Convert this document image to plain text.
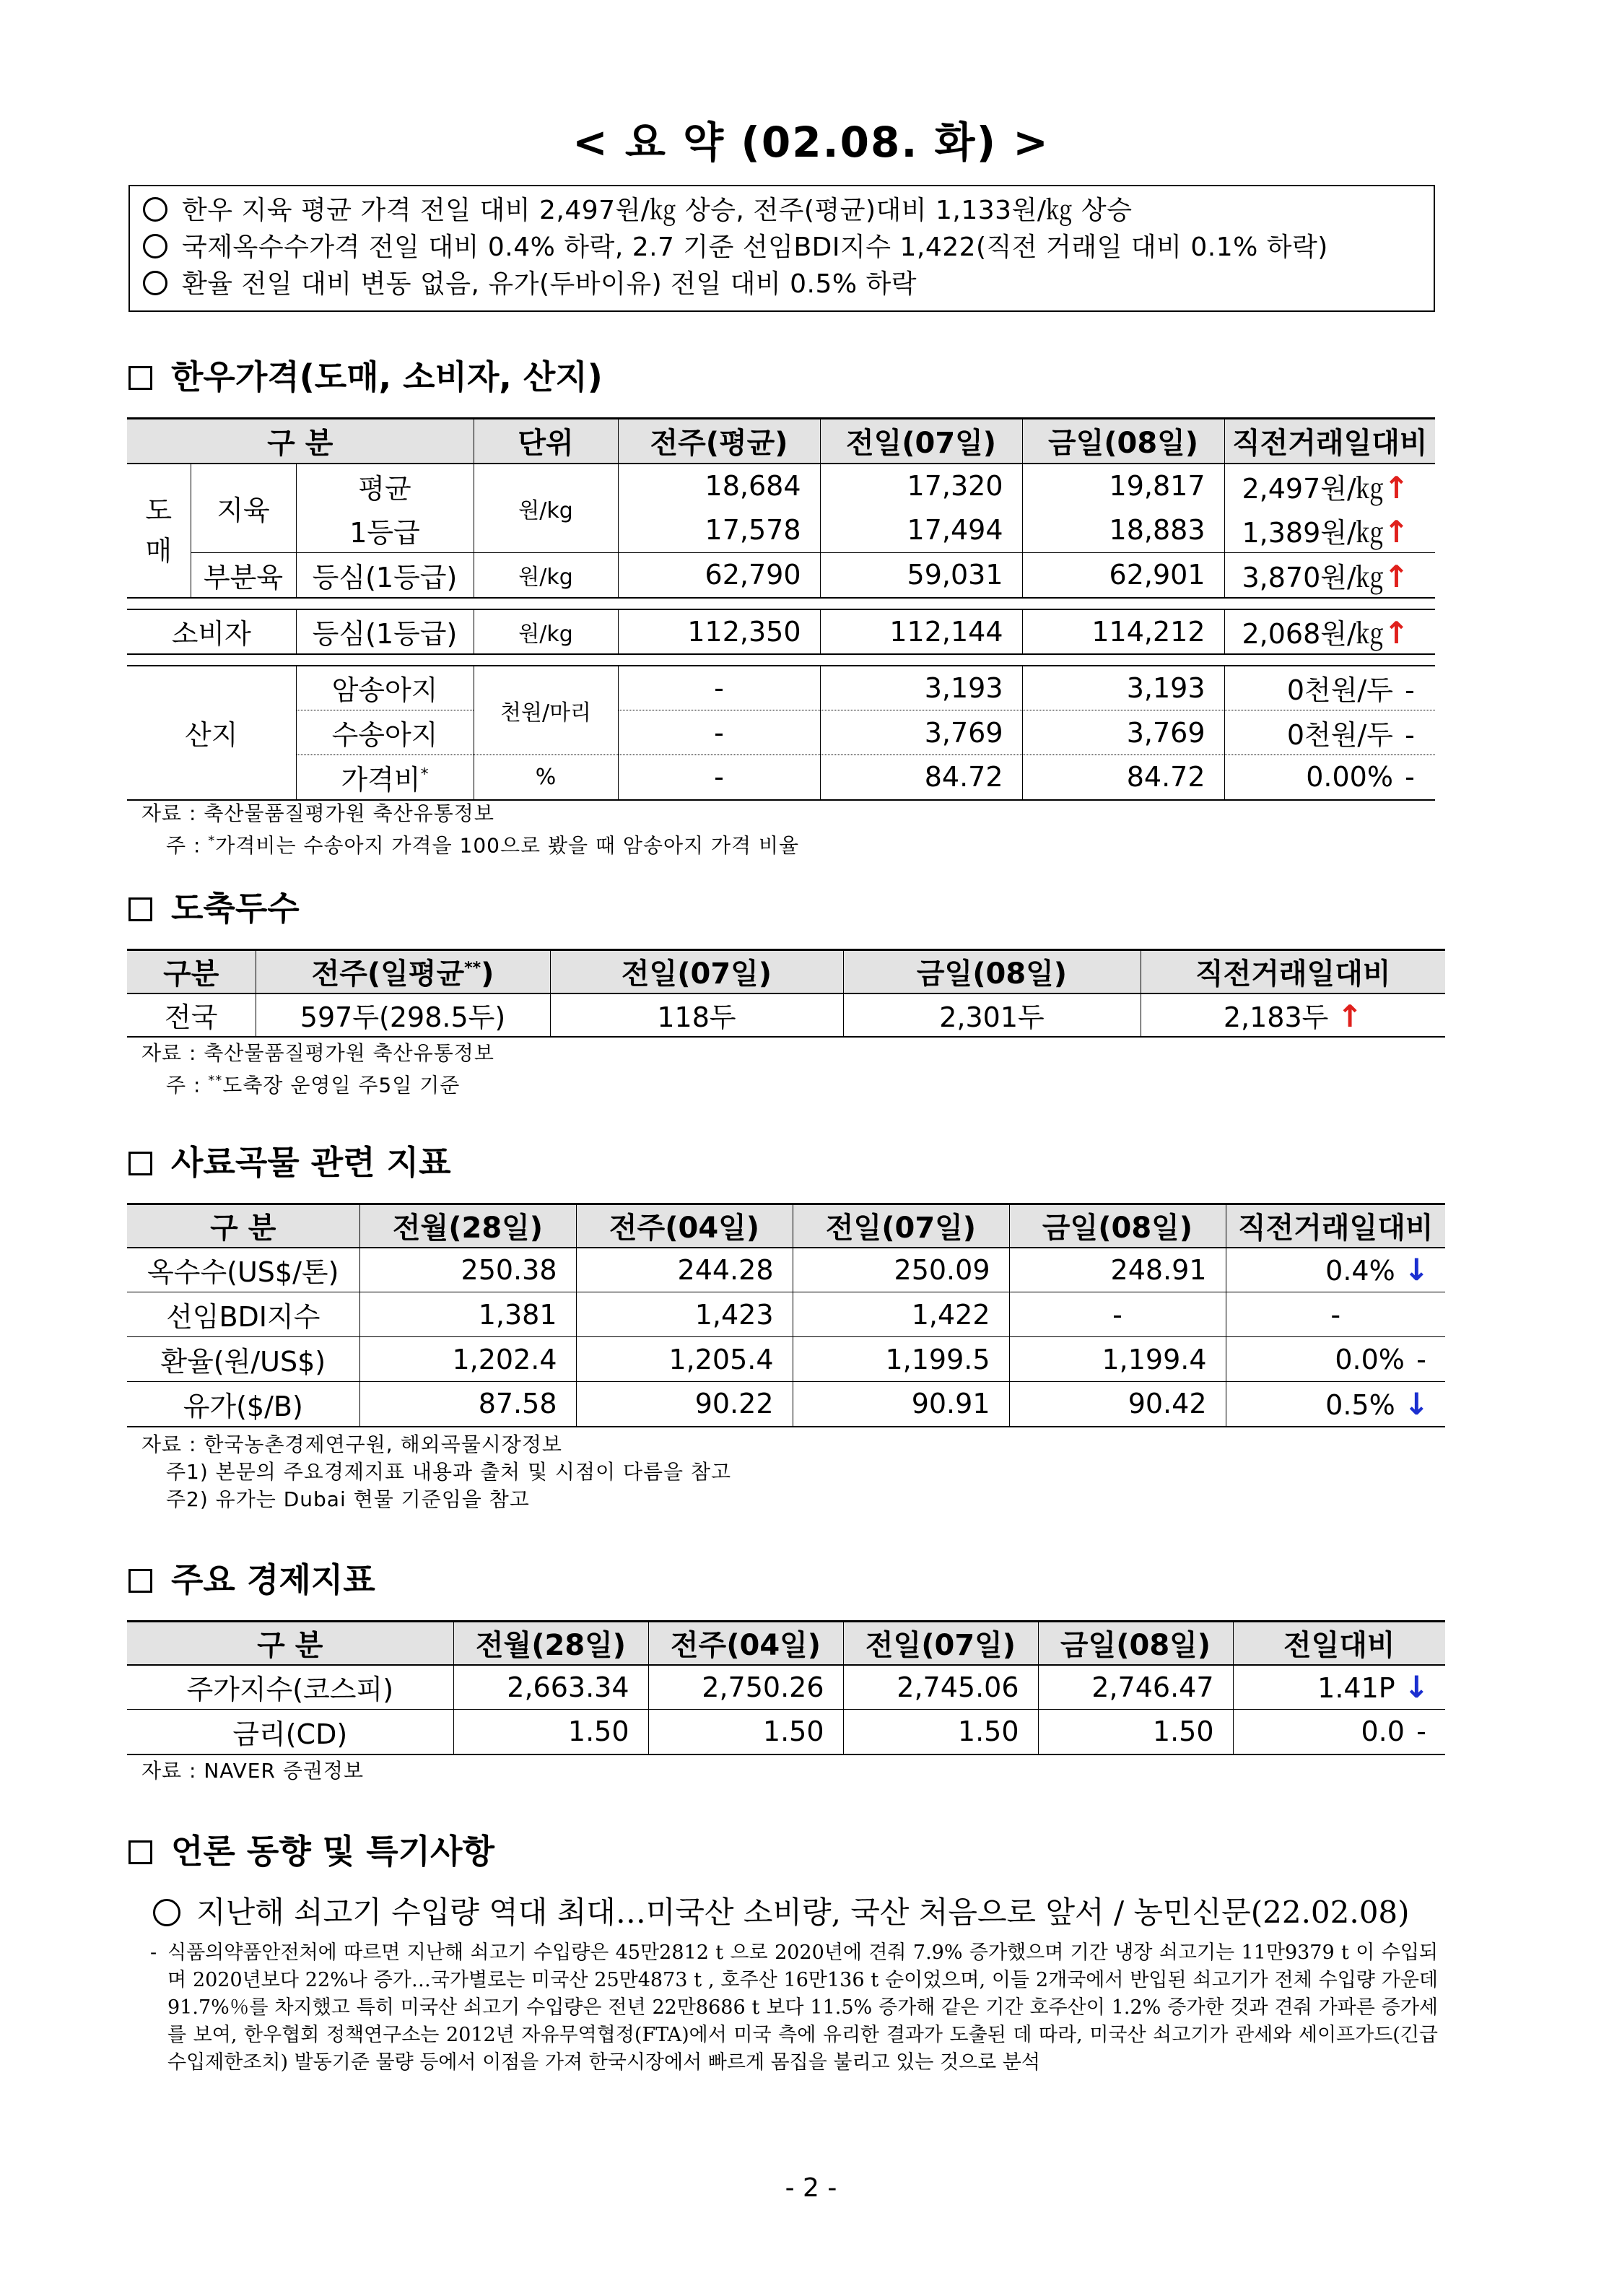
< 요 약 (02.08. 화) >
한우 지육 평균 가격 전일 대비 2,497원/㎏ 상승, 전주(평균)대비 1,133원/㎏ 상승
국제옥수수가격 전일 대비 0.4% 하락, 2.7 기준 선임BDI지수 1,422(직전 거래일 대비 0.1% 하락)
환율 전일 대비 변동 없음, 유가(두바이유) 전일 대비 0.5% 하락
한우가격(도매, 소비자, 산지)
구 분			단위	전주(평균)	전일(07일)	금일(08일)	직전거래일대비
도
매	지육	평균	원/kg	18,684	17,320	19,817	2,497원/㎏↑
		1등급		17,578	17,494	18,883	1,389원/㎏↑
	부분육	등심(1등급)	원/kg	62,790	59,031	62,901	3,870원/㎏↑

소비자		등심(1등급)	원/kg	112,350	112,144	114,212	2,068원/㎏↑

산지		암송아지	천원/마리	-	3,193	3,193	0천원/두 -
		수송아지		-	3,769	3,769	0천원/두 -
		가격비*	%	-	84.72	84.72	0.00% -
자료 : 축산물품질평가원 축산유통정보
주 : *가격비는 수송아지 가격을 100으로 봤을 때 암송아지 가격 비율
도축두수
구분	전주(일평균**)	전일(07일)	금일(08일)	직전거래일대비
전국	597두(298.5두)	118두	2,301두	2,183두 ↑
자료 : 축산물품질평가원 축산유통정보
주 : **도축장 운영일 주5일 기준
사료곡물 관련 지표
구 분	전월(28일)	전주(04일)	전일(07일)	금일(08일)	직전거래일대비
옥수수(US$/톤)	250.38	244.28	250.09	248.91	0.4% ↓
선임BDI지수	1,381	1,423	1,422	-	-
환율(원/US$)	1,202.4	1,205.4	1,199.5	1,199.4	0.0% -
유가($/B)	87.58	90.22	90.91	90.42	0.5% ↓
자료 : 한국농촌경제연구원, 해외곡물시장정보
주1) 본문의 주요경제지표 내용과 출처 및 시점이 다름을 참고
주2) 유가는 Dubai 현물 기준임을 참고
주요 경제지표
구 분	전월(28일)	전주(04일)	전일(07일)	금일(08일)	전일대비
주가지수(코스피)	2,663.34	2,750.26	2,745.06	2,746.47	1.41P ↓
금리(CD)	1.50	1.50	1.50	1.50	0.0 -
자료 : NAVER 증권정보
언론 동향 및 특기사항
지난해 쇠고기 수입량 역대 최대…미국산 소비량, 국산 처음으로 앞서 / 농민신문(22.02.08)
- 식품의약품안전처에 따르면 지난해 쇠고기 수입량은 45만2812 t 으로 2020년에 견줘 7.9% 증가했으며 기간 냉장 쇠고기는 11만9379 t 이 수입되며 2020년보다 22%나 증가…국가별로는 미국산 25만4873 t , 호주산 16만136 t 순이었으며, 이들 2개국에서 반입된 쇠고기가 전체 수입량 가운데 91.7%％를 차지했고 특히 미국산 쇠고기 수입량은 전년 22만8686 t 보다 11.5% 증가해 같은 기간 호주산이 1.2% 증가한 것과 견줘 가파른 증가세를 보여, 한우협회 정책연구소는 2012년 자유무역협정(FTA)에서 미국 측에 유리한 결과가 도출된 데 따라, 미국산 쇠고기가 관세와 세이프가드(긴급수입제한조치) 발동기준 물량 등에서 이점을 가져 한국시장에서 빠르게 몸집을 불리고 있는 것으로 분석
- 2 -
